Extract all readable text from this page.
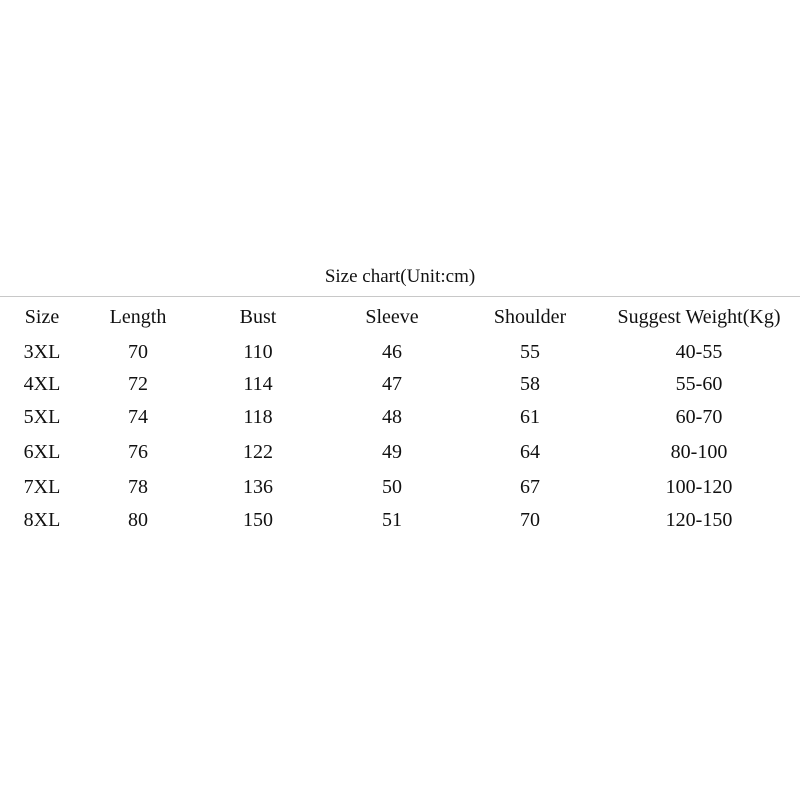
Size chart(Unit:cm)
Size	Length	Bust	Sleeve	Shoulder	Suggest Weight(Kg)
3XL	70	110	46	55	40-55
4XL	72	114	47	58	55-60
5XL	74	118	48	61	60-70
6XL	76	122	49	64	80-100
7XL	78	136	50	67	100-120
8XL	80	150	51	70	120-150
